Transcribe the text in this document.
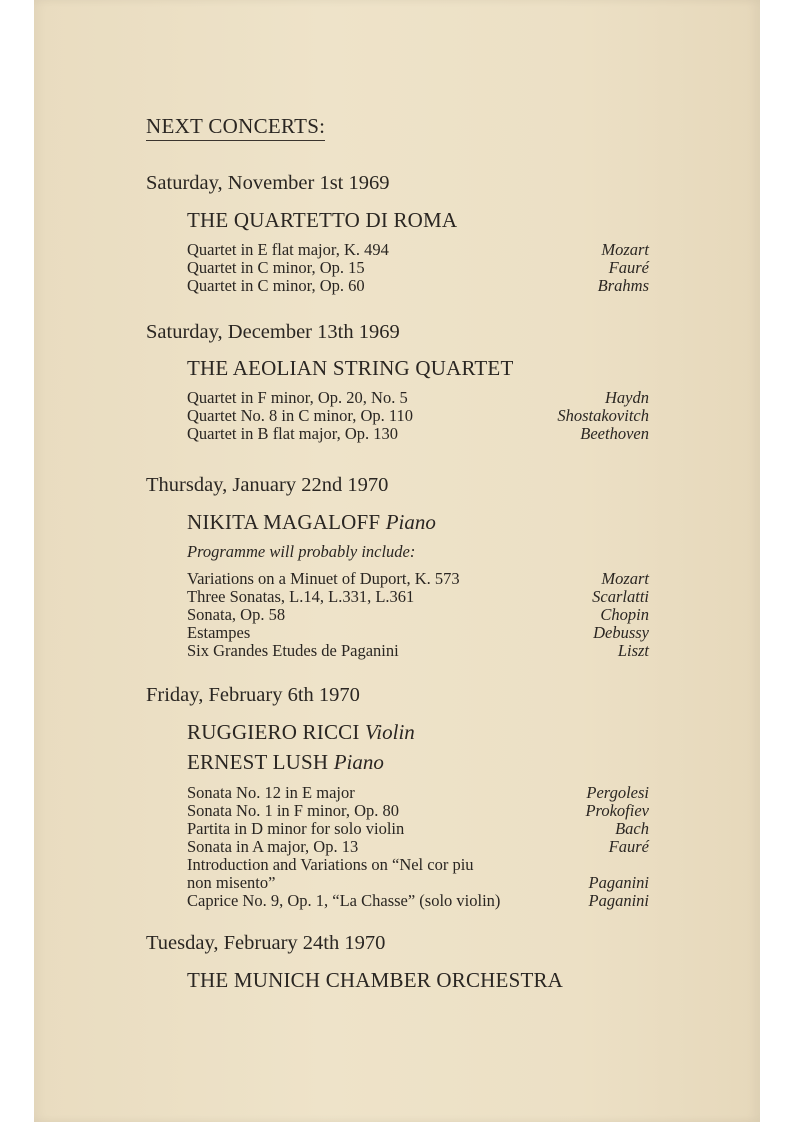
NEXT CONCERTS:
Saturday, November 1st 1969
THE QUARTETTO DI ROMA
Quartet in E flat major, K. 494	Mozart
Quartet in C minor, Op. 15	Fauré
Quartet in C minor, Op. 60	Brahms
Saturday, December 13th 1969
THE AEOLIAN STRING QUARTET
Quartet in F minor, Op. 20, No. 5	Haydn
Quartet No. 8 in C minor, Op. 110	Shostakovitch
Quartet in B flat major, Op. 130	Beethoven
Thursday, January 22nd 1970
NIKITA MAGALOFF Piano
Programme will probably include:
Variations on a Minuet of Duport, K. 573	Mozart
Three Sonatas, L.14, L.331, L.361	Scarlatti
Sonata, Op. 58	Chopin
Estampes	Debussy
Six Grandes Etudes de Paganini	Liszt
Friday, February 6th 1970
RUGGIERO RICCI Violin
ERNEST LUSH Piano
Sonata No. 12 in E major	Pergolesi
Sonata No. 1 in F minor, Op. 80	Prokofiev
Partita in D minor for solo violin	Bach
Sonata in A major, Op. 13	Fauré
Introduction and Variations on “Nel cor piu
non misento”	Paganini
Caprice No. 9, Op. 1, “La Chasse” (solo violin)	Paganini
Tuesday, February 24th 1970
THE MUNICH CHAMBER ORCHESTRA
